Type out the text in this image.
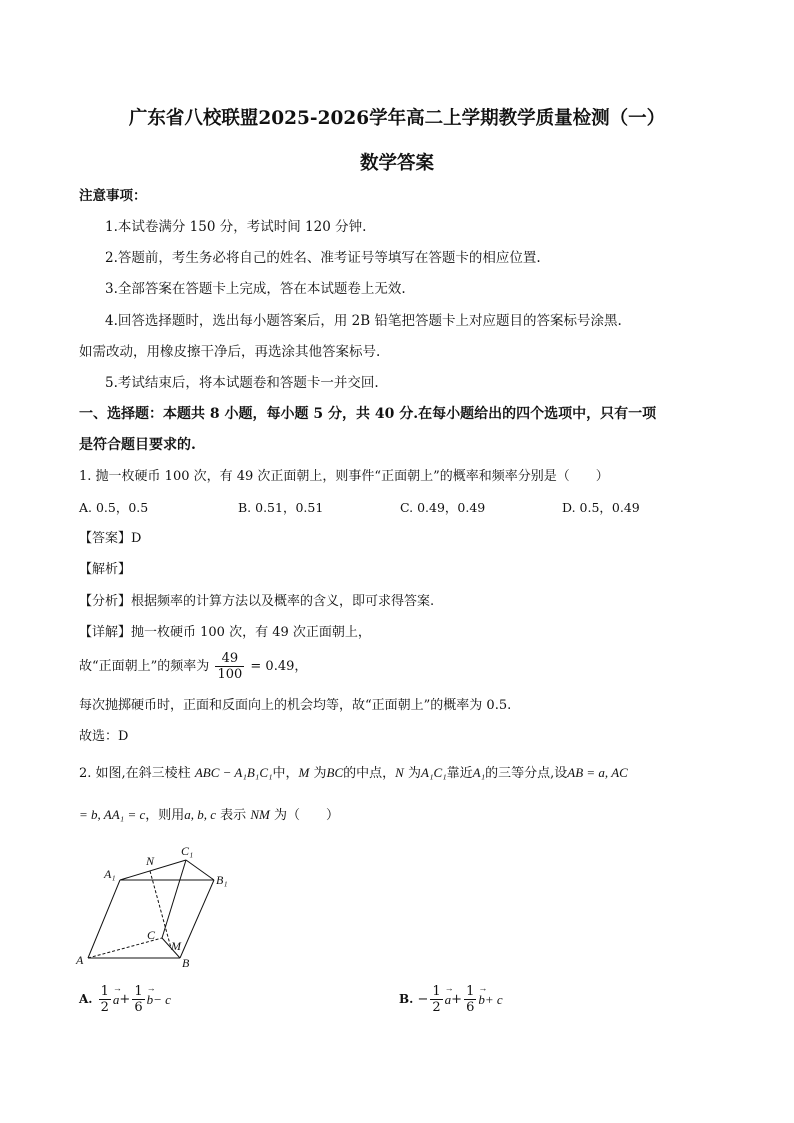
广东省八校联盟2025-2026学年高二上学期教学质量检测（一）
数学答案
注意事项：
1.本试卷满分 150 分，考试时间 120 分钟.
2.答题前，考生务必将自己的姓名、准考证号等填写在答题卡的相应位置.
3.全部答案在答题卡上完成，答在本试题卷上无效.
4.回答选择题时，选出每小题答案后，用 2B 铅笔把答题卡上对应题目的答案标号涂黑.
如需改动，用橡皮擦干净后，再选涂其他答案标号.
5.考试结束后，将本试题卷和答题卡一并交回.
一、选择题：本题共 8 小题，每小题 5 分，共 40 分.在每小题给出的四个选项中，只有一项
是符合题目要求的.
1. 抛一枚硬币 100 次，有 49 次正面朝上，则事件“正面朝上”的概率和频率分别是（　　）
A. 0.5，0.5	B. 0.51，0.51	C. 0.49，0.49	D. 0.5，0.49
【答案】D
【解析】
【分析】根据频率的计算方法以及概率的含义，即可求得答案.
【详解】抛一枚硬币 100 次，有 49 次正面朝上，
故“正面朝上”的频率为 $\frac{49}{100} = 0.49$，
每次抛掷硬币时，正面和反面向上的机会均等，故“正面朝上”的概率为 0.5.
故选：D
2. 如图,在斜三棱柱 ABC − A₁B₁C₁中，M 为BC的中点，N 为A₁C₁靠近A₁的三等分点,设AB = a, AC
= b, AA₁ = c，则用a, b, c 表示 NM 为（　　）
A	B
C
A₁	B₁
C₁
M
N
A. $\frac{1}{2}$
→ $a+ \frac{1}{6}$
→ b− c	B. − $\frac{1}{2}$
→ $a+ \frac{1}{6}$
→ b+ c
